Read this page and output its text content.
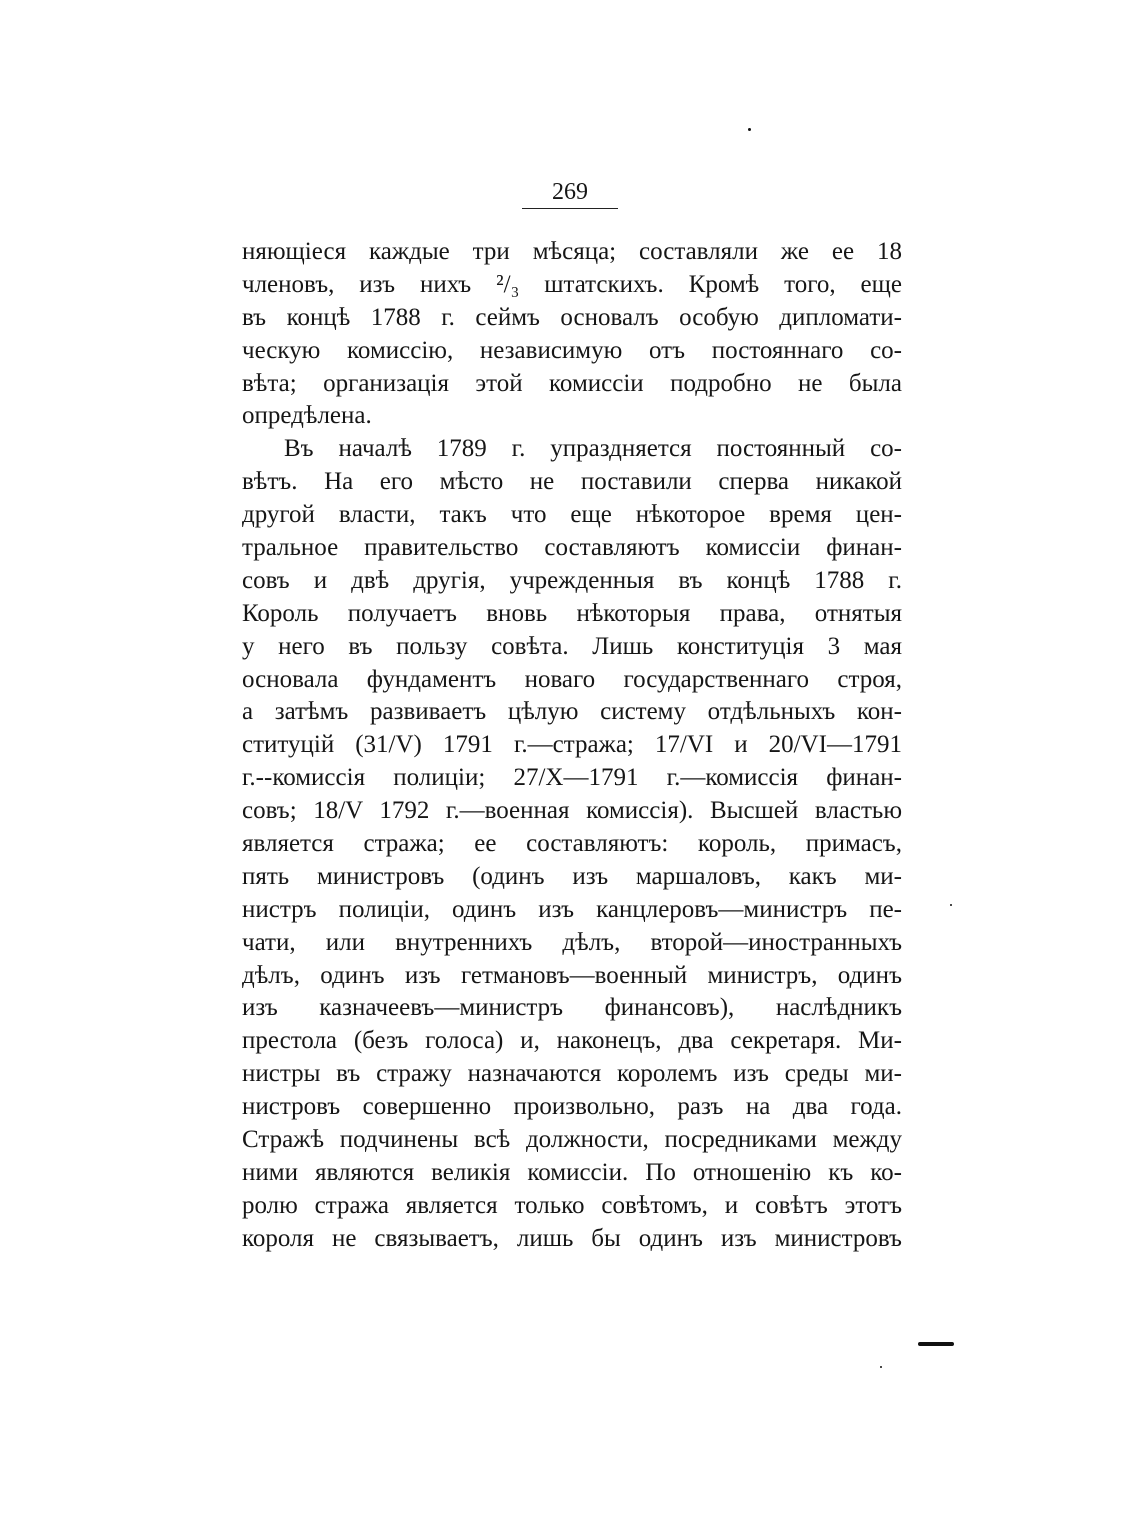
269
няющіеся каждые три мѣсяца; составляли же ее 18
членовъ, изъ нихъ ²/₃ штатскихъ. Кромѣ того, еще
въ концѣ 1788 г. сеймъ основалъ особую дипломати-
ческую комиссію, независимую отъ постояннаго со-
вѣта; организація этой комиссіи подробно не была
опредѣлена.
Въ началѣ 1789 г. упраздняется постоянный со-
вѣтъ. На его мѣсто не поставили сперва никакой
другой власти, такъ что еще нѣкоторое время цен-
тральное правительство составляютъ комиссіи финан-
совъ и двѣ другія, учрежденныя въ концѣ 1788 г.
Король получаетъ вновь нѣкоторыя права, отнятыя
у него въ пользу совѣта. Лишь конституція 3 мая
основала фундаментъ новаго государственнаго строя,
а затѣмъ развиваетъ цѣлую систему отдѣльныхъ кон-
ституцій (31/V) 1791 г.—стража; 17/VI и 20/VI—1791
г.--комиссія полиціи; 27/X—1791 г.—комиссія финан-
совъ; 18/V 1792 г.—военная комиссія). Высшей властью
является стража; ее составляютъ: король, примасъ,
пять министровъ (одинъ изъ маршаловъ, какъ ми-
нистръ полиціи, одинъ изъ канцлеровъ—министръ пе-
чати, или внутреннихъ дѣлъ, второй—иностранныхъ
дѣлъ, одинъ изъ гетмановъ—военный министръ, одинъ
изъ казначеевъ—министръ финансовъ), наслѣдникъ
престола (безъ голоса) и, наконецъ, два секретаря. Ми-
нистры въ стражу назначаются королемъ изъ среды ми-
нистровъ совершенно произвольно, разъ на два года.
Стражѣ подчинены всѣ должности, посредниками между
ними являются великія комиссіи. По отношенію къ ко-
ролю стража является только совѣтомъ, и совѣтъ этотъ
короля не связываетъ, лишь бы одинъ изъ министровъ
